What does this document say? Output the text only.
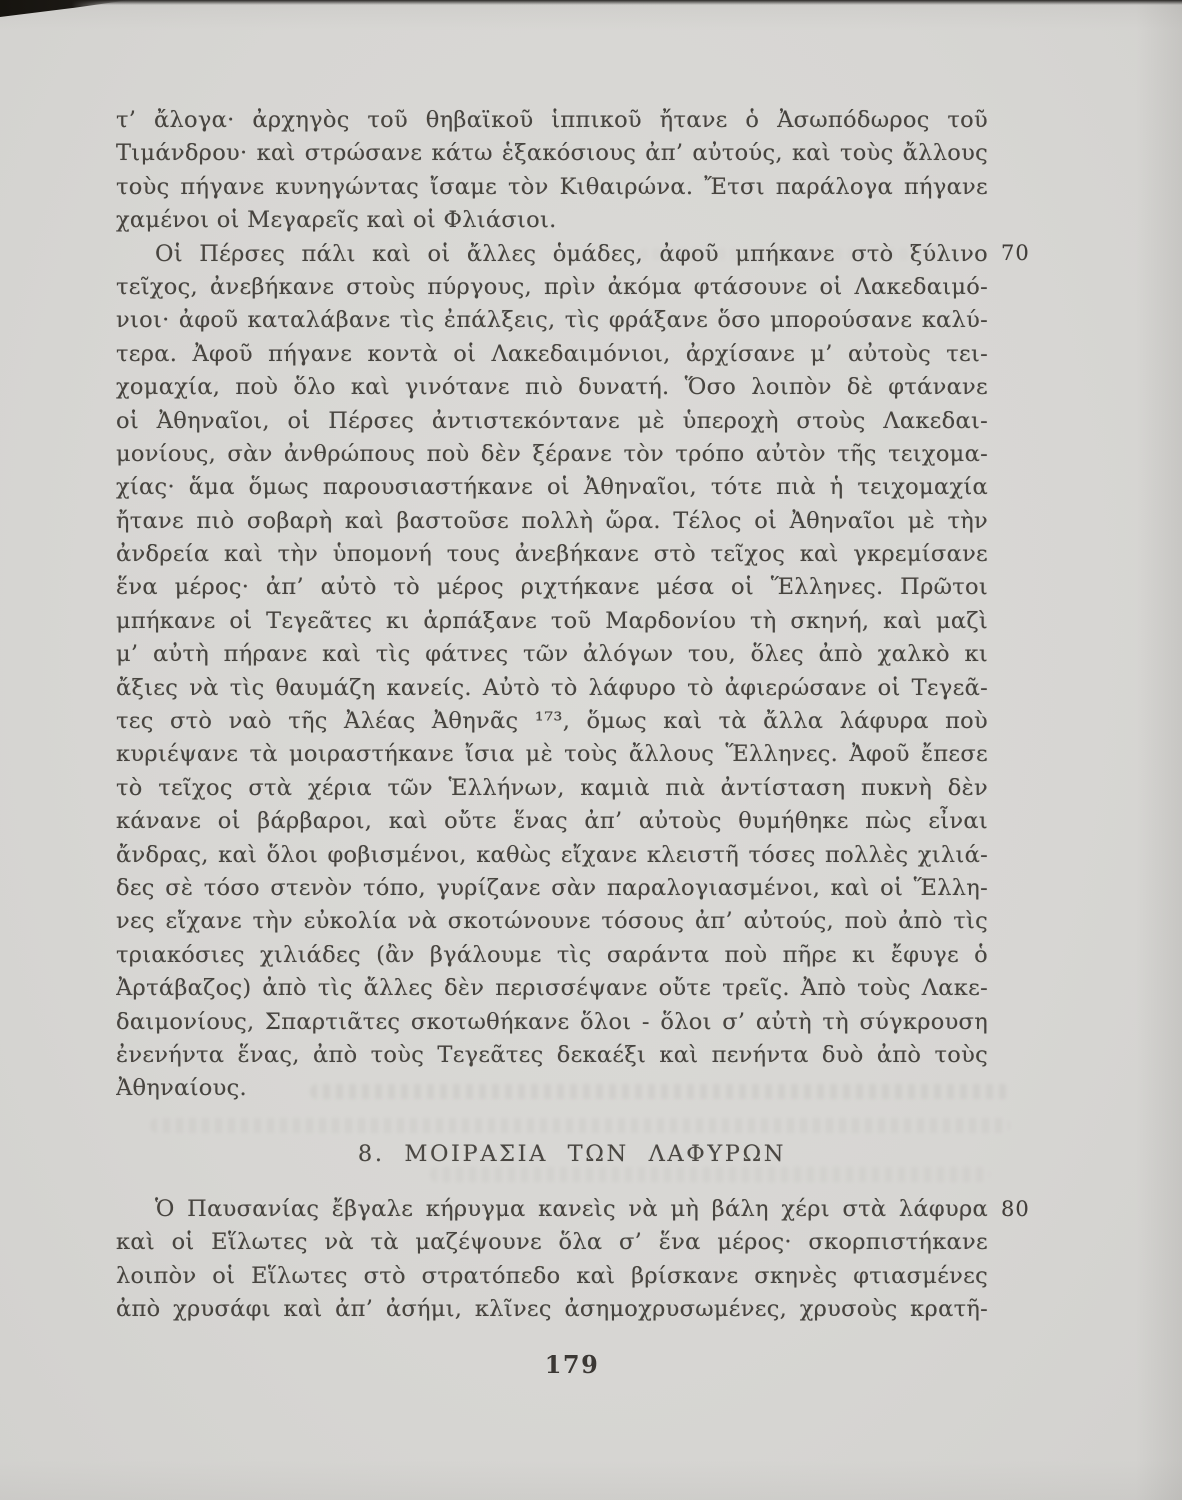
τ’ ἄλογα· ἀρχηγὸς τοῦ θηβαϊκοῦ ἱππικοῦ ἤτανε ὁ Ἀσωπόδωρος τοῦ
Τιμάνδρου· καὶ στρώσανε κάτω ἑξακόσιους ἀπ’ αὐτούς, καὶ τοὺς ἄλλους
τοὺς πήγανε κυνηγώντας ἴσαμε τὸν Κιθαιρώνα. Ἔτσι παράλογα πήγανε
χαμένοι οἱ Μεγαρεῖς καὶ οἱ Φλιάσιοι.
Οἱ Πέρσες πάλι καὶ οἱ ἄλλες ὁμάδες, ἀφοῦ μπήκανε στὸ ξύλινο
τεῖχος, ἀνεβήκανε στοὺς πύργους, πρὶν ἀκόμα φτάσουνε οἱ Λακεδαιμό-
νιοι· ἀφοῦ καταλάβανε τὶς ἐπάλξεις, τὶς φράξανε ὅσο μπορούσανε καλύ-
τερα. Ἀφοῦ πήγανε κοντὰ οἱ Λακεδαιμόνιοι, ἀρχίσανε μ’ αὐτοὺς τει-
χομαχία, ποὺ ὅλο καὶ γινότανε πιὸ δυνατή. Ὅσο λοιπὸν δὲ φτάνανε
οἱ Ἀθηναῖοι, οἱ Πέρσες ἀντιστεκόντανε μὲ ὑπεροχὴ στοὺς Λακεδαι-
μονίους, σὰν ἀνθρώπους ποὺ δὲν ξέρανε τὸν τρόπο αὐτὸν τῆς τειχομα-
χίας· ἅμα ὅμως παρουσιαστήκανε οἱ Ἀθηναῖοι, τότε πιὰ ἡ τειχομαχία
ἤτανε πιὸ σοβαρὴ καὶ βαστοῦσε πολλὴ ὥρα. Τέλος οἱ Ἀθηναῖοι μὲ τὴν
ἀνδρεία καὶ τὴν ὑπομονή τους ἀνεβήκανε στὸ τεῖχος καὶ γκρεμίσανε
ἕνα μέρος· ἀπ’ αὐτὸ τὸ μέρος ριχτήκανε μέσα οἱ Ἕλληνες. Πρῶτοι
μπήκανε οἱ Τεγεᾶτες κι ἁρπάξανε τοῦ Μαρδονίου τὴ σκηνή, καὶ μαζὶ
μ’ αὐτὴ πήρανε καὶ τὶς φάτνες τῶν ἀλόγων του, ὅλες ἀπὸ χαλκὸ κι
ἄξιες νὰ τὶς θαυμάζη κανείς. Αὐτὸ τὸ λάφυρο τὸ ἀφιερώσανε οἱ Τεγεᾶ-
τες στὸ ναὸ τῆς Ἀλέας Ἀθηνᾶς ¹⁷³, ὅμως καὶ τὰ ἄλλα λάφυρα ποὺ
κυριέψανε τὰ μοιραστήκανε ἴσια μὲ τοὺς ἄλλους Ἕλληνες. Ἀφοῦ ἔπεσε
τὸ τεῖχος στὰ χέρια τῶν Ἑλλήνων, καμιὰ πιὰ ἀντίσταση πυκνὴ δὲν
κάνανε οἱ βάρβαροι, καὶ οὔτε ἕνας ἀπ’ αὐτοὺς θυμήθηκε πὼς εἶναι
ἄνδρας, καὶ ὅλοι φοβισμένοι, καθὼς εἴχανε κλειστῆ τόσες πολλὲς χιλιά-
δες σὲ τόσο στενὸν τόπο, γυρίζανε σὰν παραλογιασμένοι, καὶ οἱ Ἕλλη-
νες εἴχανε τὴν εὐκολία νὰ σκοτώνουνε τόσους ἀπ’ αὐτούς, ποὺ ἀπὸ τὶς
τριακόσιες χιλιάδες (ἂν βγάλουμε τὶς σαράντα ποὺ πῆρε κι ἔφυγε ὁ
Ἀρτάβαζος) ἀπὸ τὶς ἄλλες δὲν περισσέψανε οὔτε τρεῖς. Ἀπὸ τοὺς Λακε-
δαιμονίους, Σπαρτιᾶτες σκοτωθήκανε ὅλοι - ὅλοι σ’ αὐτὴ τὴ σύγκρουση
ἐνενήντα ἕνας, ἀπὸ τοὺς Τεγεᾶτες δεκαέξι καὶ πενήντα δυὸ ἀπὸ τοὺς
Ἀθηναίους.
8. ΜΟΙΡΑΣΙΑ ΤΩΝ ΛΑΦΥΡΩΝ
Ὁ Παυσανίας ἔβγαλε κήρυγμα κανεὶς νὰ μὴ βάλη χέρι στὰ λάφυρα
καὶ οἱ Εἵλωτες νὰ τὰ μαζέψουνε ὅλα σ’ ἕνα μέρος· σκορπιστήκανε
λοιπὸν οἱ Εἵλωτες στὸ στρατόπεδο καὶ βρίσκανε σκηνὲς φτιασμένες
ἀπὸ χρυσάφι καὶ ἀπ’ ἀσήμι, κλῖνες ἀσημοχρυσωμένες, χρυσοὺς κρατῆ-
70
80
179
